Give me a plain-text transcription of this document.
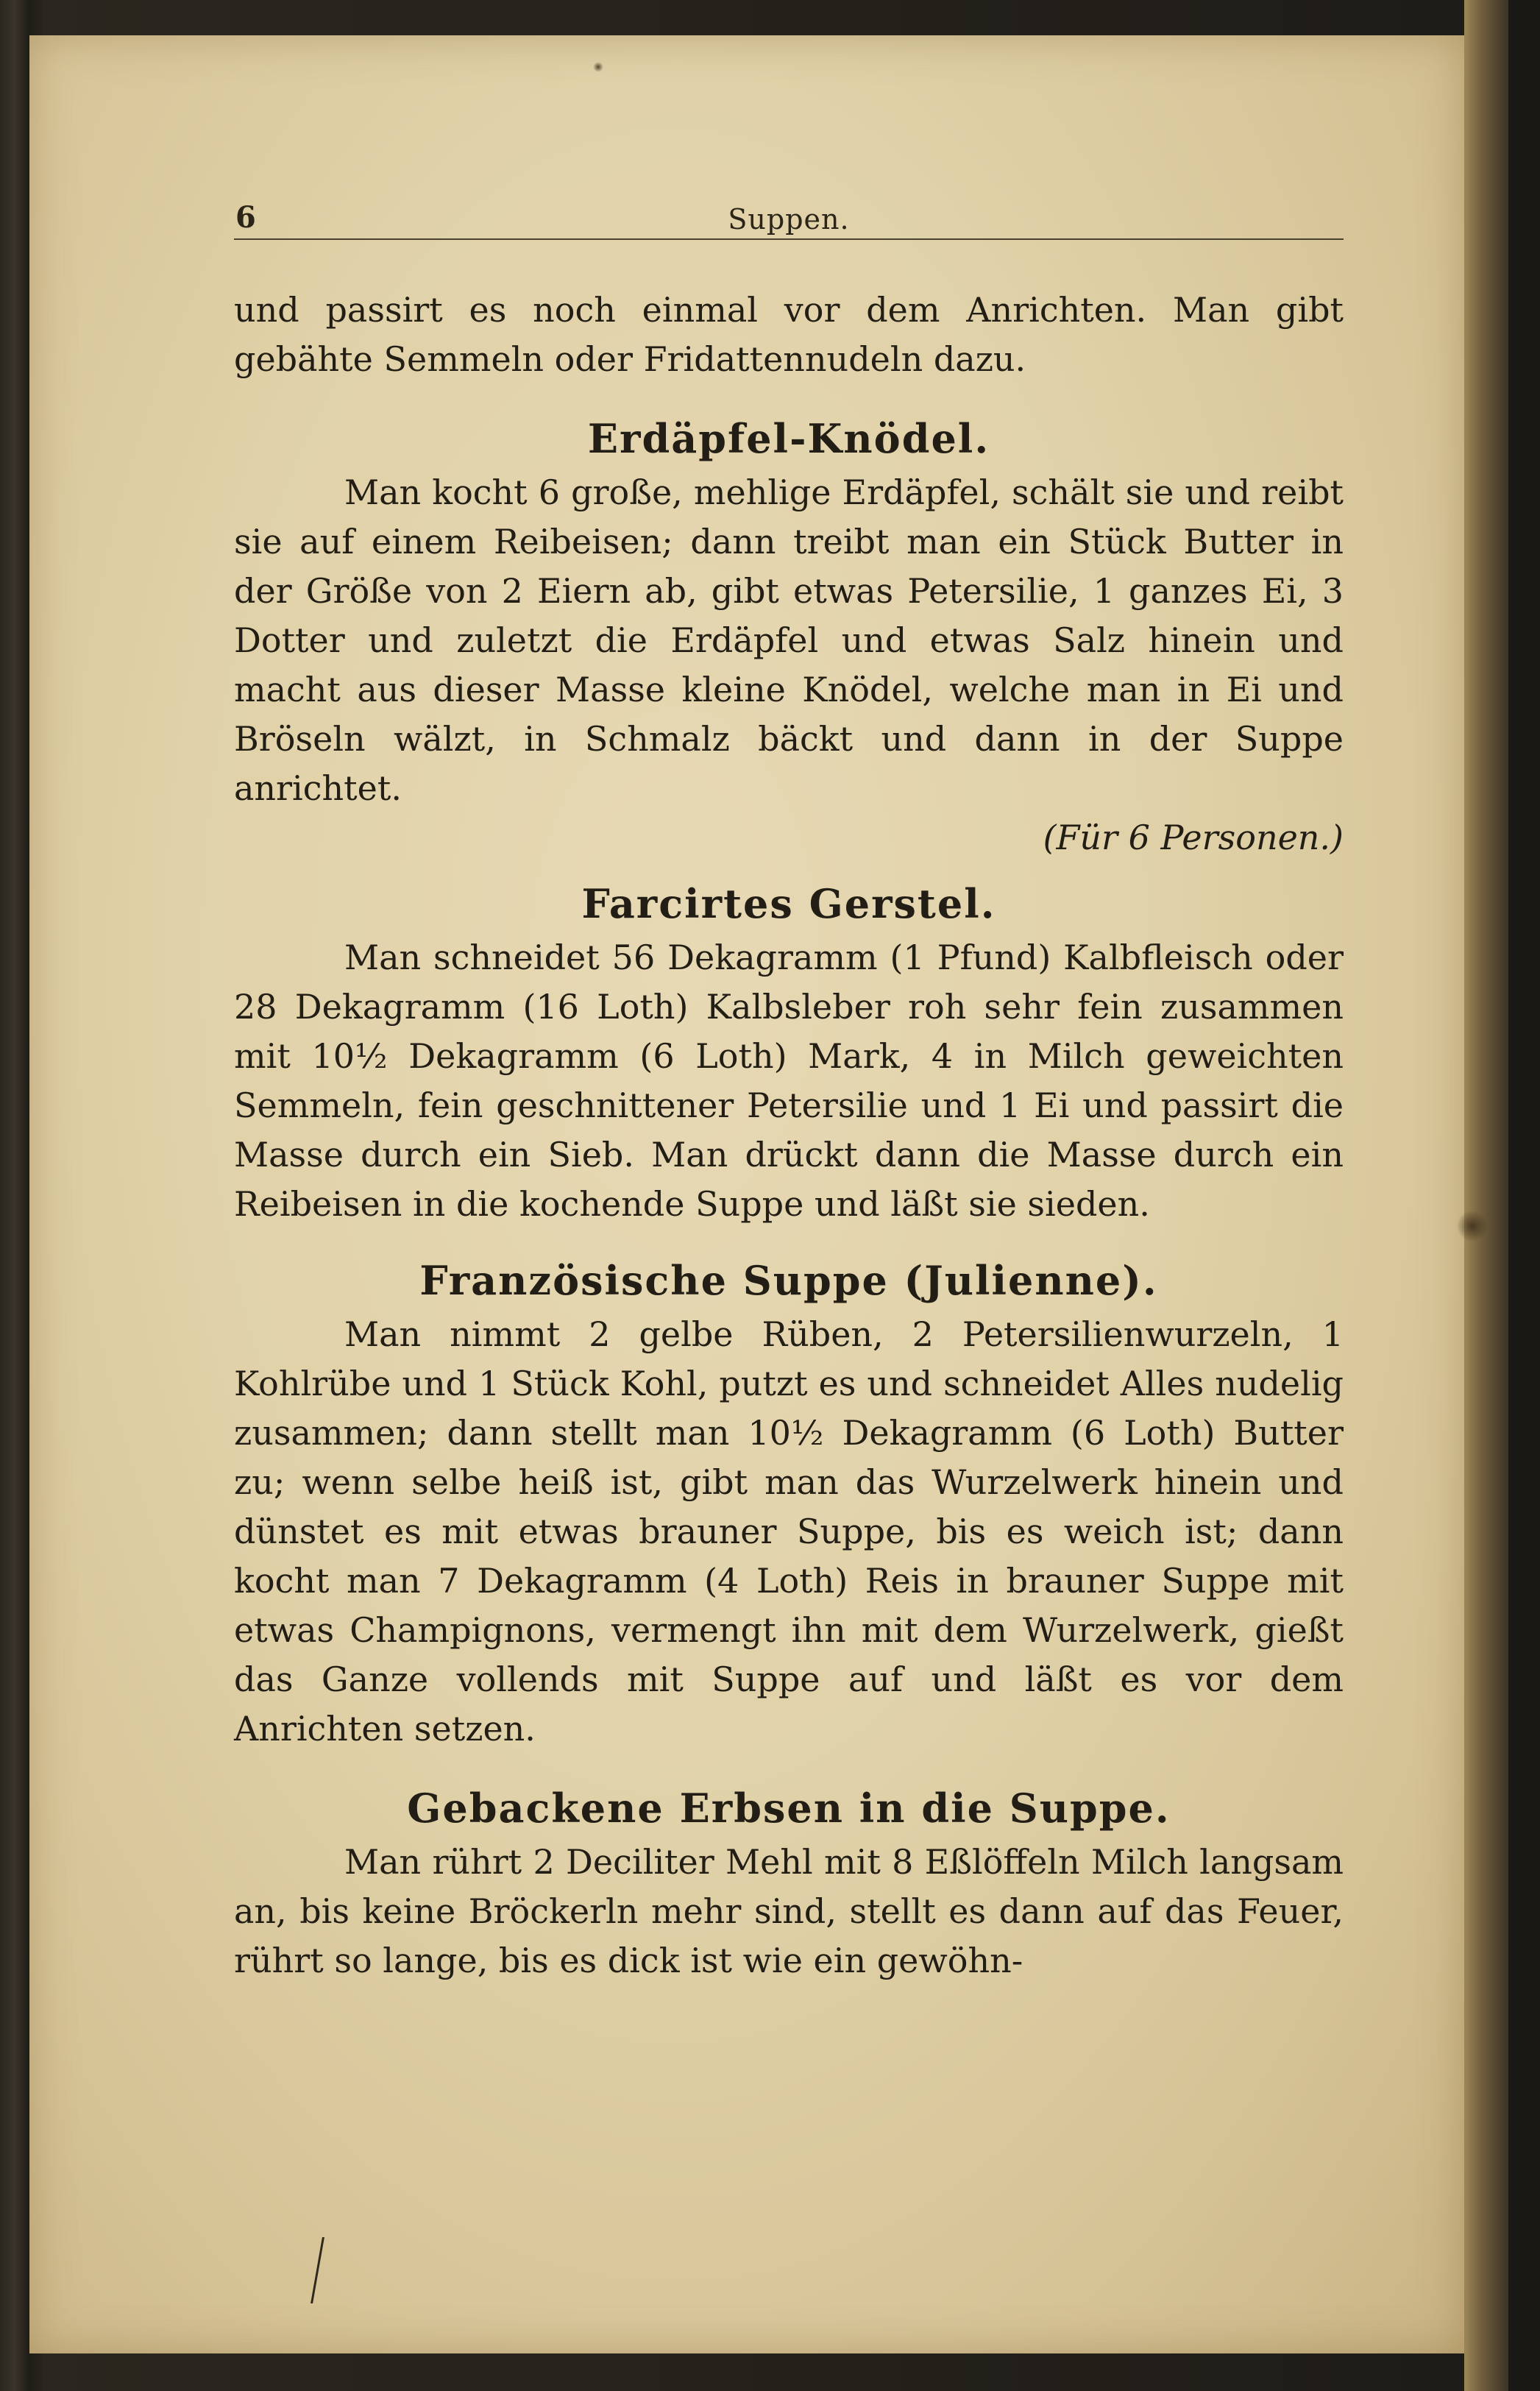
6	Suppen.

und passirt es noch einmal vor dem Anrichten. Man gibt gebähte Semmeln oder Fridattennudeln dazu.

Erdäpfel-Knödel.

Man kocht 6 große, mehlige Erdäpfel, schält sie und reibt sie auf einem Reibeisen; dann treibt man ein Stück Butter in der Größe von 2 Eiern ab, gibt etwas Petersilie, 1 ganzes Ei, 3 Dotter und zuletzt die Erdäpfel und etwas Salz hinein und macht aus dieser Masse kleine Knödel, welche man in Ei und Bröseln wälzt, in Schmalz bäckt und dann in der Suppe anrichtet.

(Für 6 Personen.)

Farcirtes Gerstel.

Man schneidet 56 Dekagramm (1 Pfund) Kalbfleisch oder 28 Dekagramm (16 Loth) Kalbsleber roh sehr fein zusammen mit 10½ Dekagramm (6 Loth) Mark, 4 in Milch geweichten Semmeln, fein geschnittener Petersilie und 1 Ei und passirt die Masse durch ein Sieb. Man drückt dann die Masse durch ein Reibeisen in die kochende Suppe und läßt sie sieden.

Französische Suppe (Julienne).

Man nimmt 2 gelbe Rüben, 2 Petersilienwurzeln, 1 Kohlrübe und 1 Stück Kohl, putzt es und schneidet Alles nudelig zusammen; dann stellt man 10½ Dekagramm (6 Loth) Butter zu; wenn selbe heiß ist, gibt man das Wurzelwerk hinein und dünstet es mit etwas brauner Suppe, bis es weich ist; dann kocht man 7 Dekagramm (4 Loth) Reis in brauner Suppe mit etwas Champignons, vermengt ihn mit dem Wurzelwerk, gießt das Ganze vollends mit Suppe auf und läßt es vor dem Anrichten setzen.

Gebackene Erbsen in die Suppe.

Man rührt 2 Deciliter Mehl mit 8 Eßlöffeln Milch langsam an, bis keine Bröckerln mehr sind, stellt es dann auf das Feuer, rührt so lange, bis es dick ist wie ein gewöhn-
